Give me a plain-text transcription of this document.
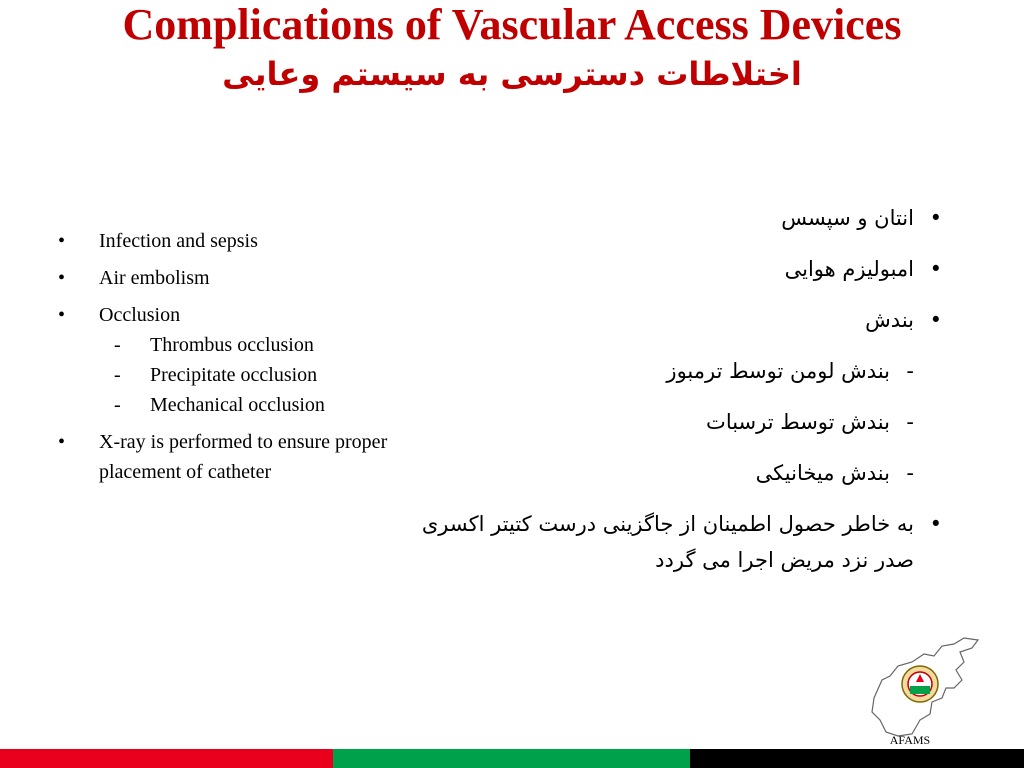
Complications of Vascular Access Devices
اختلاطات دسترسی به سیستم وعایی
•	Infection and sepsis
•	Air embolism
•	Occlusion
-	Thrombus occlusion
-	Precipitate occlusion
-	Mechanical occlusion
•	X-ray is performed to ensure proper placement of catheter
•
انتان و سپسس
•
امبولیزم هوایی
•
بندش
-
بندش لومن توسط ترمبوز
-
بندش توسط ترسبات
-
بندش میخانیکی
•
به خاطر حصول اطمینان از جاگزینی درست کتیتر اکسری صدر نزد مریض اجرا می گردد
AFAMS
